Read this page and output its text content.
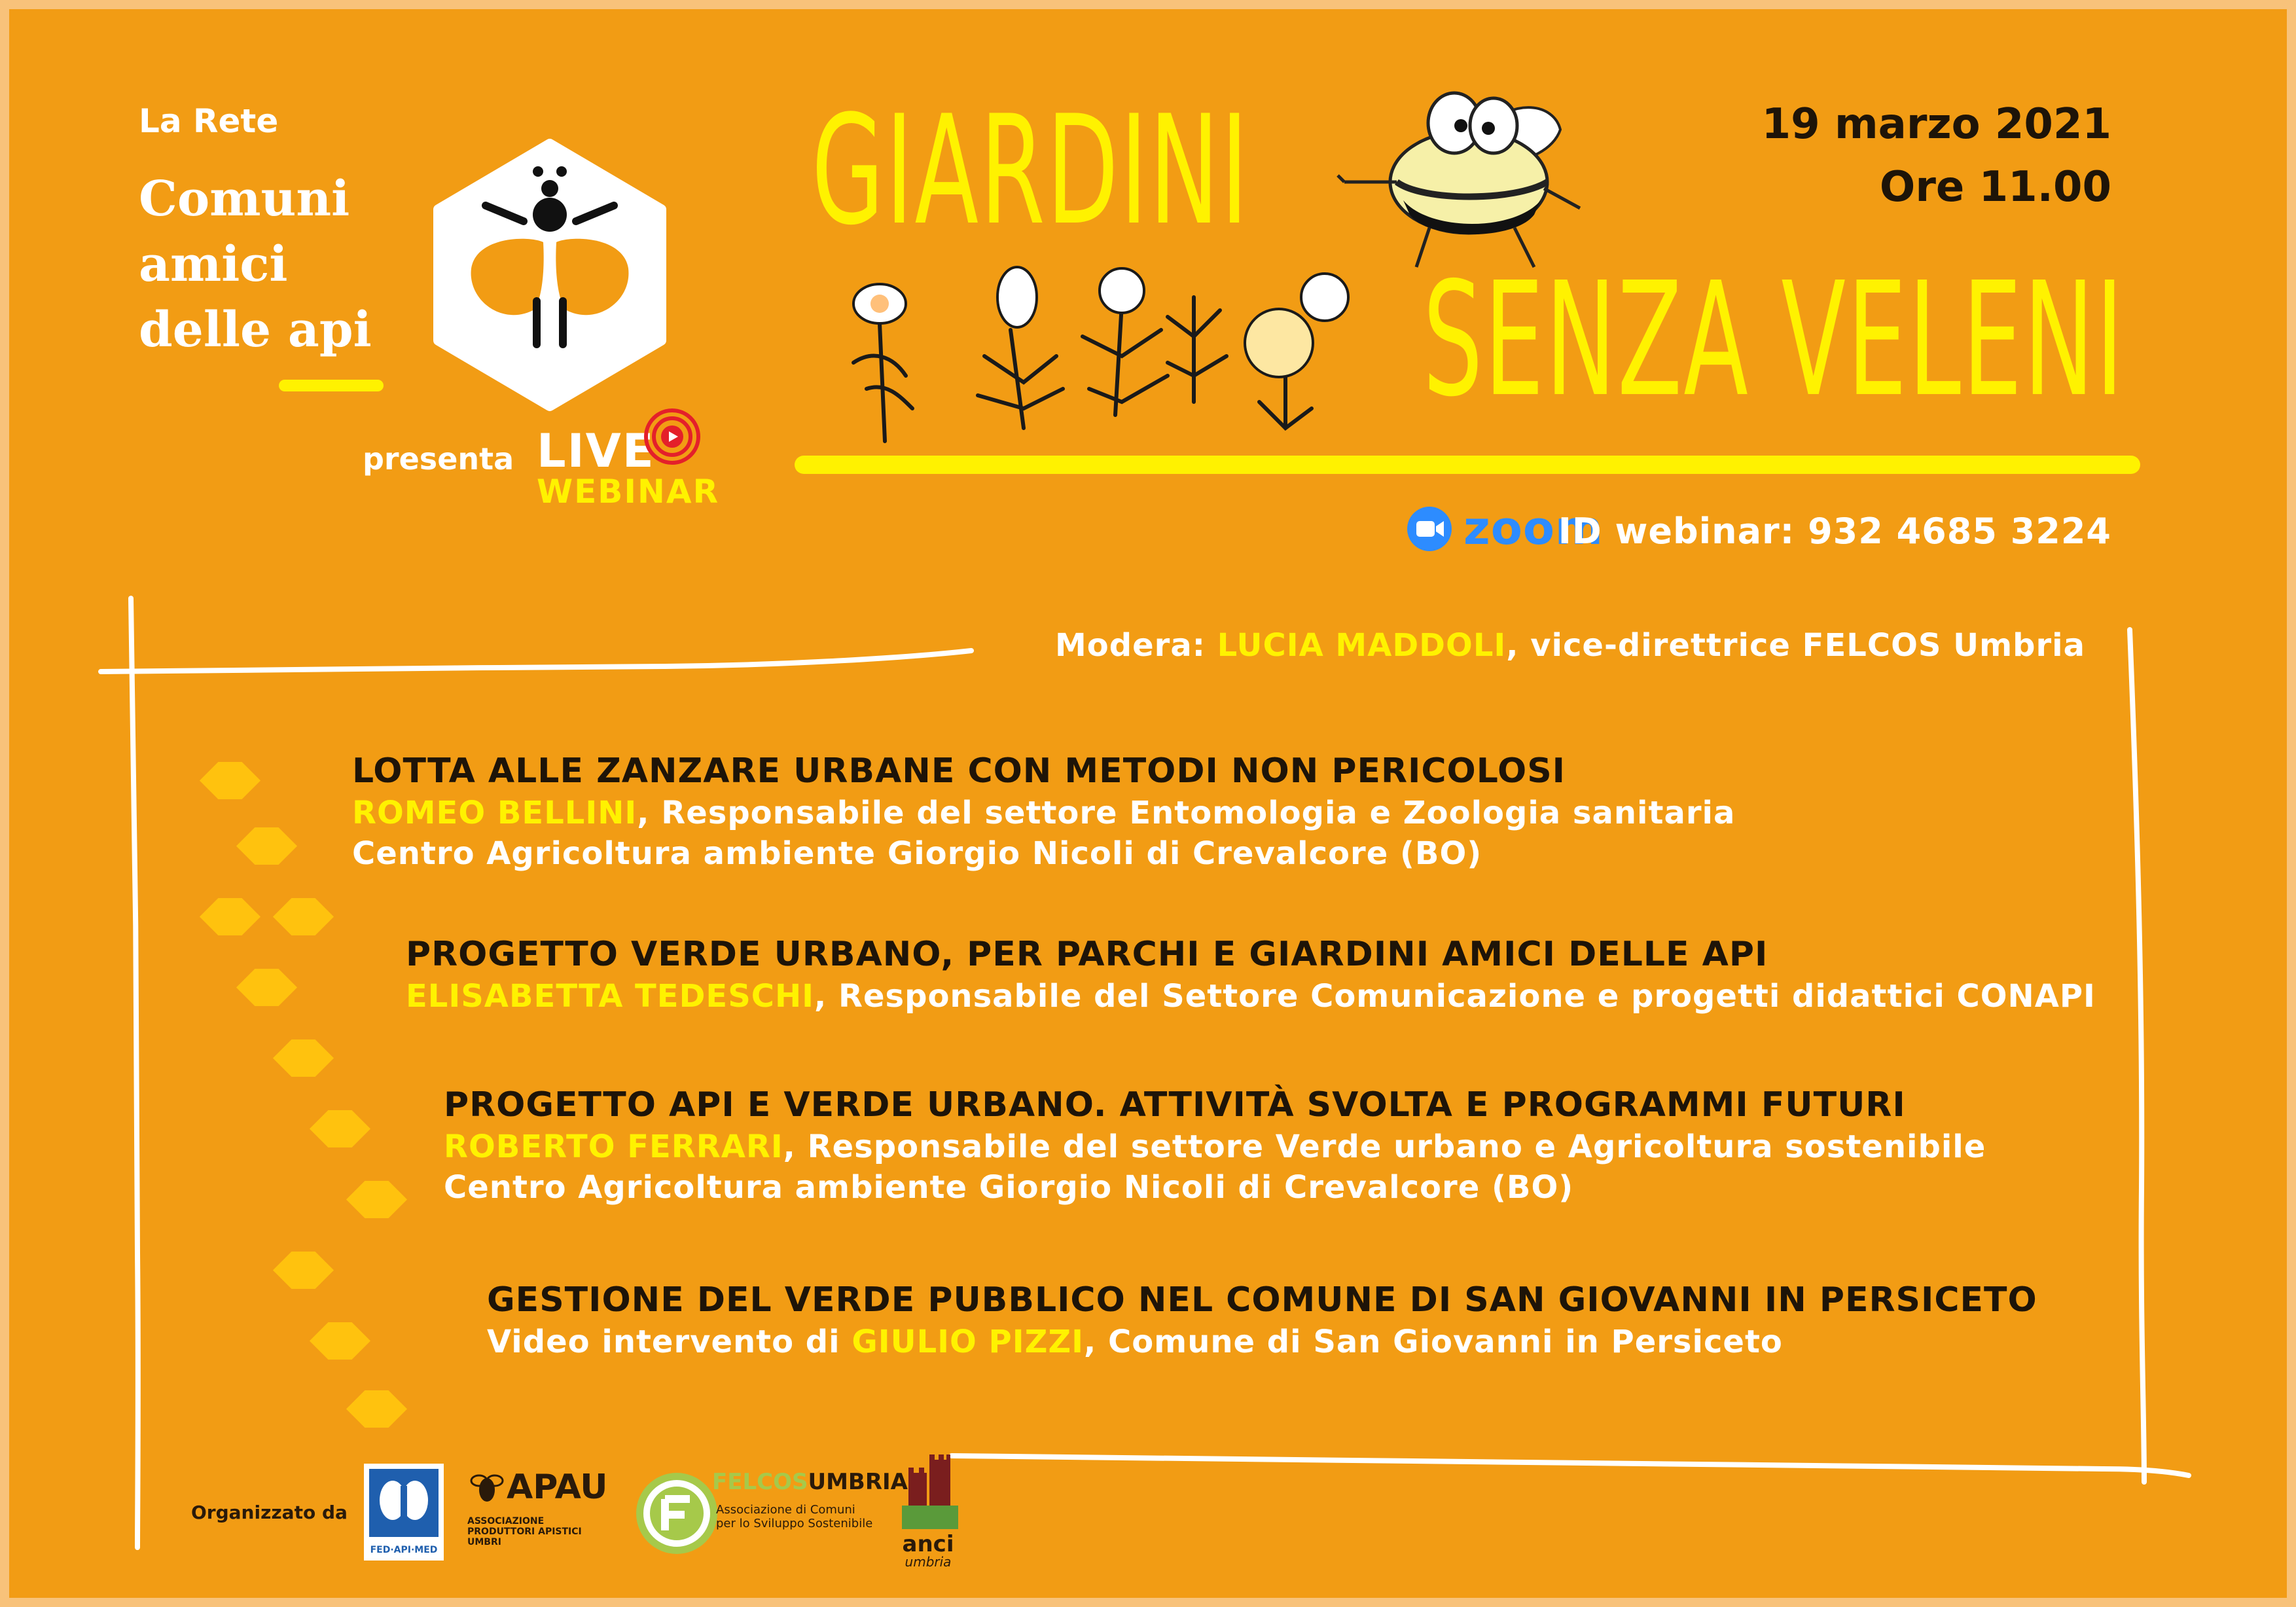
La Rete
Comuni
amici
delle api
presenta LIVE
WEBINAR
GIARDINI
SENZA VELENI
19 marzo 2021
Ore 11.00
zoom
ID webinar: 932 4685 3224
Modera: LUCIA MADDOLI, vice-direttrice FELCOS Umbria
LOTTA ALLE ZANZARE URBANE CON METODI NON PERICOLOSI
ROMEO BELLINI, Responsabile del settore Entomologia e Zoologia sanitaria
Centro Agricoltura ambiente Giorgio Nicoli di Crevalcore (BO)
PROGETTO VERDE URBANO, PER PARCHI E GIARDINI AMICI DELLE API
ELISABETTA TEDESCHI, Responsabile del Settore Comunicazione e progetti didattici CONAPI
PROGETTO API E VERDE URBANO. ATTIVITÀ SVOLTA E PROGRAMMI FUTURI
ROBERTO FERRARI, Responsabile del settore Verde urbano e Agricoltura sostenibile
Centro Agricoltura ambiente Giorgio Nicoli di Crevalcore (BO)
GESTIONE DEL VERDE PUBBLICO NEL COMUNE DI SAN GIOVANNI IN PERSICETO
Video intervento di GIULIO PIZZI, Comune di San Giovanni in Persiceto
Organizzato da
FED·API·MED
APAU
ASSOCIAZIONE
PRODUTTORI APISTICI
UMBRI
FELCOSUMBRIA
Associazione di Comuni
per lo Sviluppo Sostenibile
anci
umbria
